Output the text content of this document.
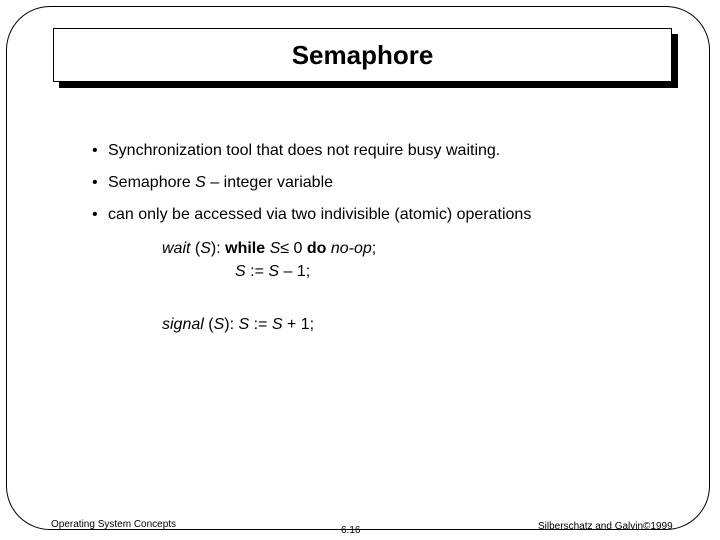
Semaphore
• Synchronization tool that does not require busy waiting.
• Semaphore S – integer variable
• can only be accessed via two indivisible (atomic) operations
wait (S): while S≤ 0 do no-op;
S := S – 1;
signal (S): S := S + 1;
Operating System Concepts
6.16	Silberschatz and Galvin©1999
